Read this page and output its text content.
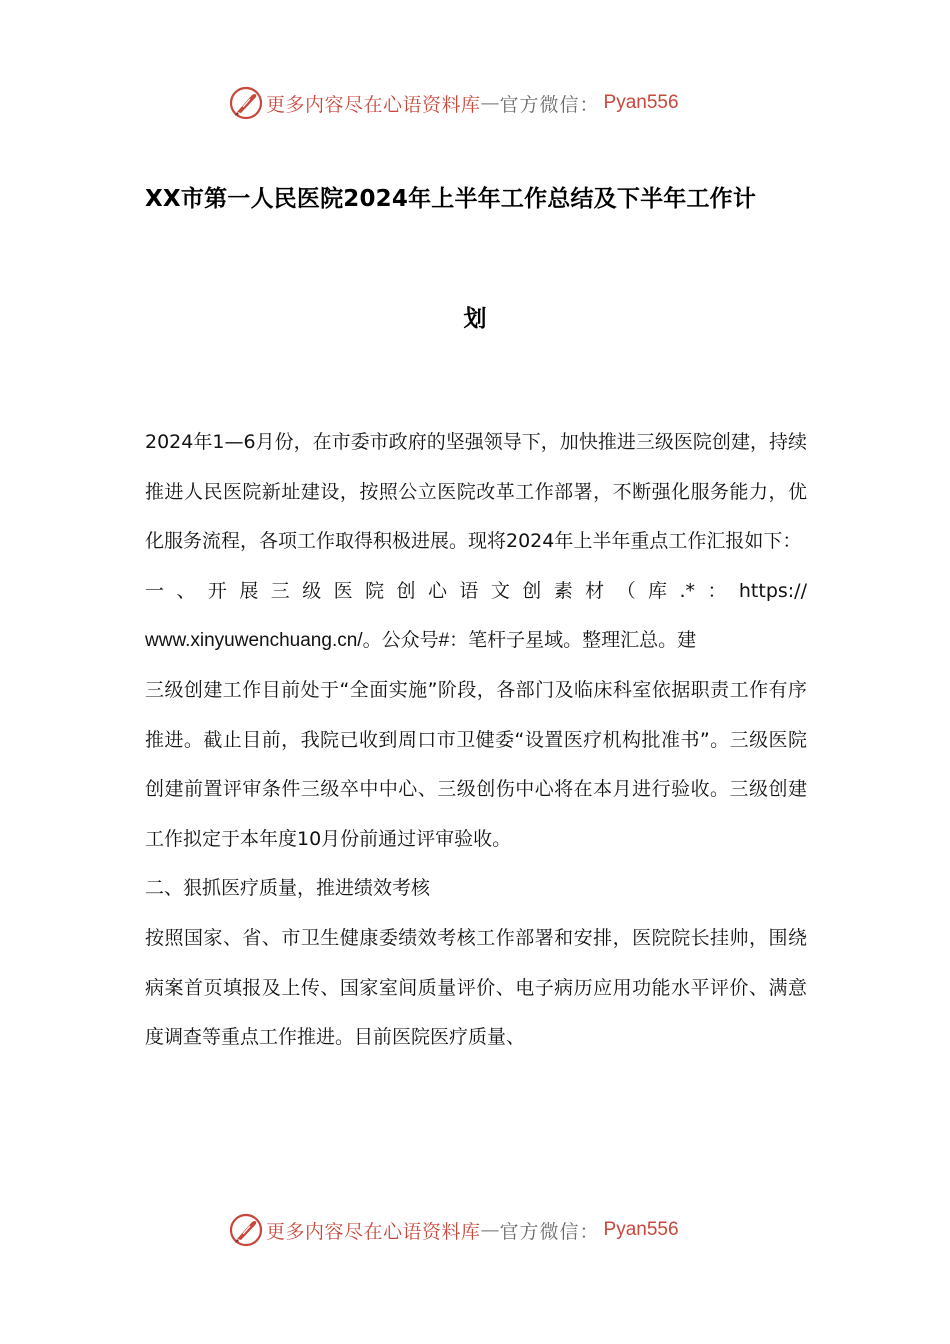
更多内容尽在心语资料库 — 官方微信： Pyan556
XX市第一人民医院2024年上半年工作总结及下半年工作计
划

2024年1—6月份，在市委市政府的坚强领导下，加快推进三级医院创建，持续推进人民医院新址建设，按照公立医院改革工作部署，不断强化服务能力，优化服务流程，各项工作取得积极进展。现将2024年上半年重点工作汇报如下：

一、开展三级医院创心语文创素材（库.*：https://

www.xinyuwenchuang.cn/。公众号#：笔杆子星域。整理汇总。建

三级创建工作目前处于“全面实施”阶段，各部门及临床科室依据职责工作有序推进。截止目前，我院已收到周口市卫健委“设置医疗机构批准书”。三级医院创建前置评审条件三级卒中中心、三级创伤中心将在本月进行验收。三级创建工作拟定于本年度10月份前通过评审验收。

二、狠抓医疗质量，推进绩效考核

按照国家、省、市卫生健康委绩效考核工作部署和安排，医院院长挂帅，围绕病案首页填报及上传、国家室间质量评价、电子病历应用功能水平评价、满意度调查等重点工作推进。目前医院医疗质量、

更多内容尽在心语资料库 — 官方微信： Pyan556
